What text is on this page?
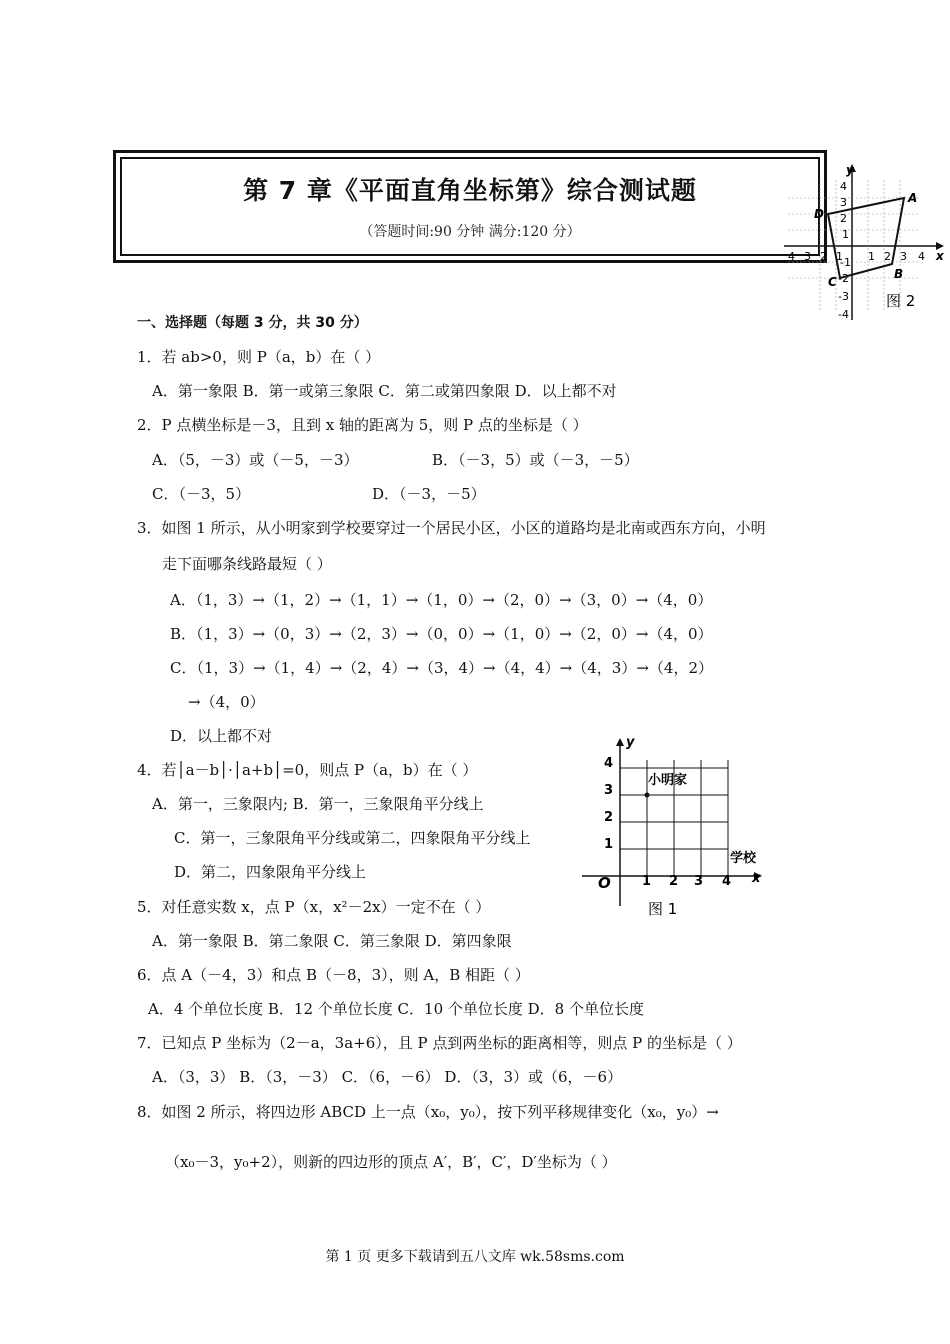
第 7 章《平面直角坐标第》综合测试题
（答题时间:90 分钟 满分:120 分）
A
B
C
D
y
x
4
3
2
1
-1
-2
-3
-4
4 3 2 1 1 2 3 4
图 2
一、选择题（每题 3 分，共 30 分）
1．若 ab>0，则 P（a，b）在（ ）
A．第一象限 B．第一或第三象限 C．第二或第四象限 D．以上都不对
2．P 点横坐标是－3，且到 x 轴的距离为 5，则 P 点的坐标是（ ）
A．（5，－3）或（－5，－3）	B．（－3，5）或（－3，－5）
C．（－3，5）	D．（－3，－5）
3．如图 1 所示，从小明家到学校要穿过一个居民小区，小区的道路均是北南或西东方向，小明
走下面哪条线路最短（ ）
A．（1，3）→（1，2）→（1，1）→（1，0）→（2，0）→（3，0）→（4，0）
B．（1，3）→（0，3）→（2，3）→（0，0）→（1，0）→（2，0）→（4，0）
C．（1，3）→（1，4）→（2，4）→（3，4）→（4，4）→（4，3）→（4，2）
→（4，0）
D．以上都不对
4．若│a－b│·│a+b│=0，则点 P（a，b）在（ ）
A．第一，三象限内; B．第一，三象限角平分线上
C．第一，三象限角平分线或第二，四象限角平分线上
D．第二，四象限角平分线上
y
x
O
4
3
2
1
1 2 3 4
小明家
学校
图 1
5．对任意实数 x，点 P（x，x²－2x）一定不在（ ）
A．第一象限 B．第二象限 C．第三象限 D．第四象限
6．点 A（－4，3）和点 B（－8，3），则 A，B 相距（ ）
A．4 个单位长度 B．12 个单位长度 C．10 个单位长度 D．8 个单位长度
7．已知点 P 坐标为（2－a，3a+6），且 P 点到两坐标的距离相等，则点 P 的坐标是（ ）
A．（3，3） B．（3，－3） C．（6，－6） D．（3，3）或（6，－6）
8．如图 2 所示，将四边形 ABCD 上一点（x₀，y₀），按下列平移规律变化（x₀，y₀）→
（x₀－3，y₀+2），则新的四边形的顶点 A′，B′，C′，D′坐标为（ ）
第 1 页 更多下载请到五八文库 wk.58sms.com
